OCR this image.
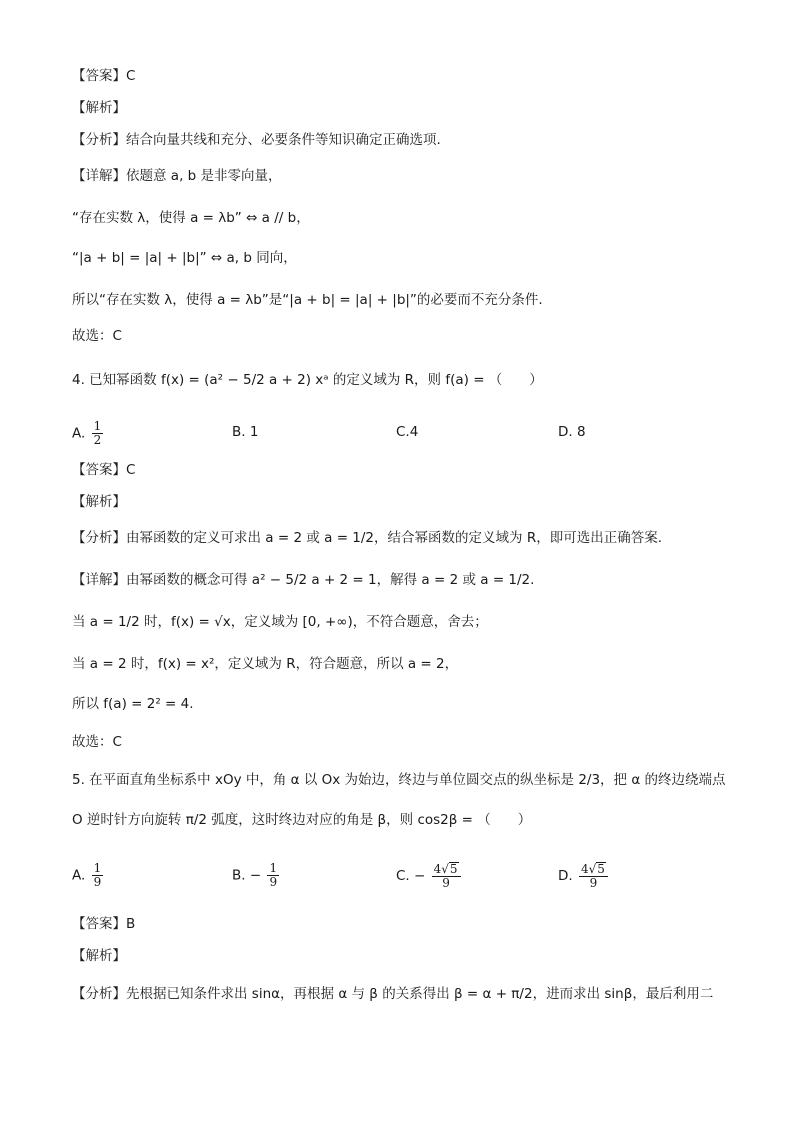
【答案】C
【解析】
【分析】结合向量共线和充分、必要条件等知识确定正确选项.
【详解】依题意 a, b 是非零向量，
“存在实数 λ，使得 a = λb” ⇔ a // b，
“|a + b| = |a| + |b|” ⇔ a, b 同向，
所以“存在实数 λ，使得 a = λb”是“|a + b| = |a| + |b|”的必要而不充分条件.
故选：C
4. 已知幂函数 f(x) = (a² − 5/2 a + 2) xᵃ 的定义域为 R，则 f(a) = （　　）
A. $\frac{1}{2}$	B. 1	C.4	D. 8
【答案】C
【解析】
【分析】由幂函数的定义可求出 a = 2 或 a = 1/2，结合幂函数的定义域为 R，即可选出正确答案.
【详解】由幂函数的概念可得 a² − 5/2 a + 2 = 1，解得 a = 2 或 a = 1/2.
当 a = 1/2 时，f(x) = √x，定义域为 [0, +∞)，不符合题意，舍去；
当 a = 2 时，f(x) = x²，定义域为 R，符合题意，所以 a = 2，
所以 f(a) = 2² = 4.
故选：C
5. 在平面直角坐标系中 xOy 中，角 α 以 Ox 为始边，终边与单位圆交点的纵坐标是 2/3，把 α 的终边绕端点
O 逆时针方向旋转 π/2 弧度，这时终边对应的角是 β，则 cos2β = （　　）
A. $\frac{1}{9}$	B. − $\frac{1}{9}$	C. − $\frac{4√5}{9}$	D. $\frac{4√5}{9}$
【答案】B
【解析】
【分析】先根据已知条件求出 sinα，再根据 α 与 β 的关系得出 β = α + π/2，进而求出 sinβ，最后利用二
